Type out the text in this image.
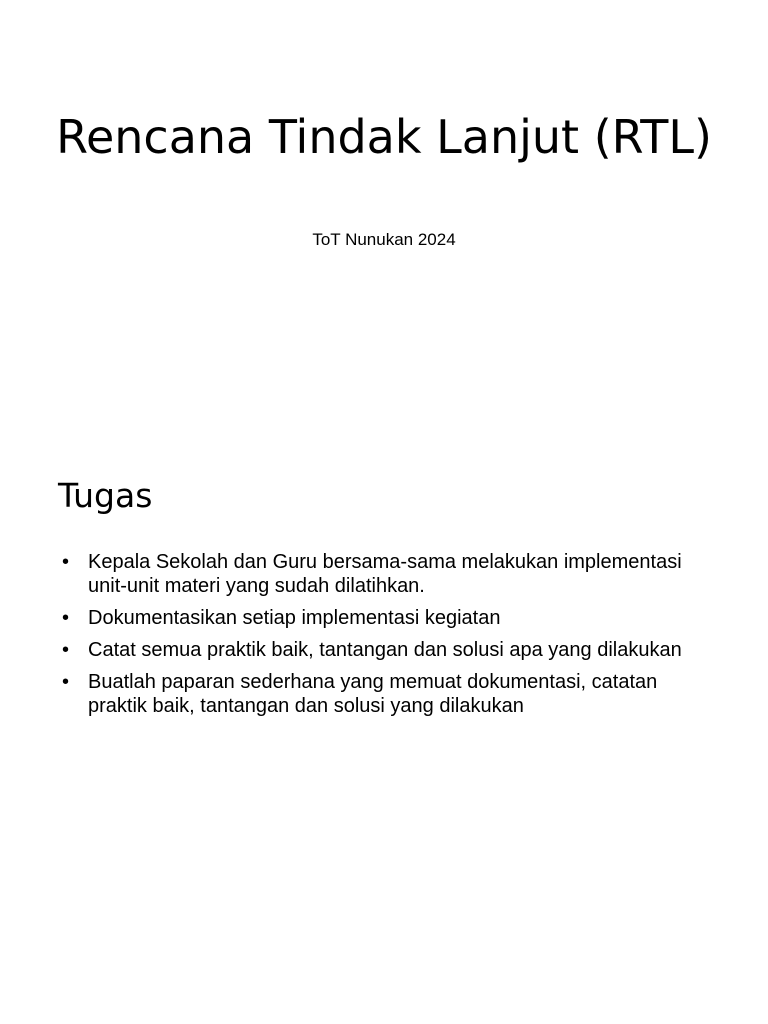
Rencana Tindak Lanjut (RTL)

ToT Nunukan 2024

Tugas
• Kepala Sekolah dan Guru bersama-sama melakukan implementasi unit-unit materi yang sudah dilatihkan.
• Dokumentasikan setiap implementasi kegiatan
• Catat semua praktik baik, tantangan dan solusi apa yang dilakukan
• Buatlah paparan sederhana yang memuat dokumentasi, catatan praktik baik, tantangan dan solusi yang dilakukan
